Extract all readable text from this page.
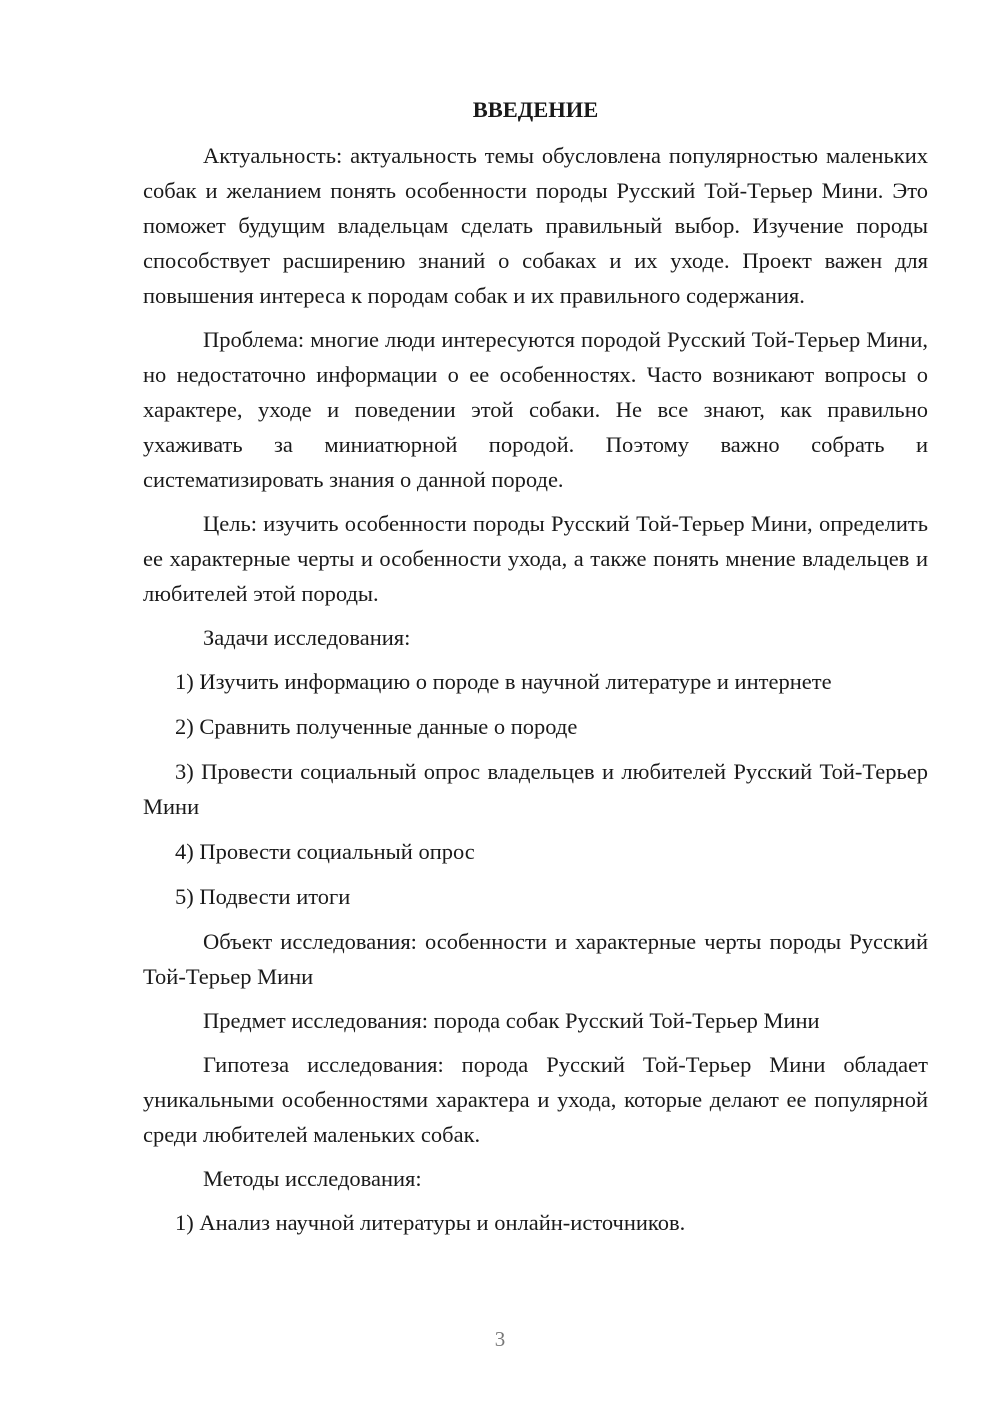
ВВЕДЕНИЕ

Актуальность: актуальность темы обусловлена популярностью маленьких собак и желанием понять особенности породы Русский Той-Терьер Мини. Это поможет будущим владельцам сделать правильный выбор. Изучение породы способствует расширению знаний о собаках и их уходе. Проект важен для повышения интереса к породам собак и их правильного содержания.

Проблема: многие люди интересуются породой Русский Той-Терьер Мини, но недостаточно информации о ее особенностях. Часто возникают вопросы о характере, уходе и поведении этой собаки. Не все знают, как правильно ухаживать за миниатюрной породой. Поэтому важно собрать и систематизировать знания о данной породе.

Цель: изучить особенности породы Русский Той-Терьер Мини, определить ее характерные черты и особенности ухода, а также понять мнение владельцев и любителей этой породы.

Задачи исследования:

1) Изучить информацию о породе в научной литературе и интернете

2) Сравнить полученные данные о породе

3) Провести социальный опрос владельцев и любителей Русский Той-Терьер Мини

4) Провести социальный опрос

5) Подвести итоги

Объект исследования: особенности и характерные черты породы Русский Той-Терьер Мини

Предмет исследования: порода собак Русский Той-Терьер Мини

Гипотеза исследования: порода Русский Той-Терьер Мини обладает уникальными особенностями характера и ухода, которые делают ее популярной среди любителей маленьких собак.

Методы исследования:

1) Анализ научной литературы и онлайн-источников.

3
